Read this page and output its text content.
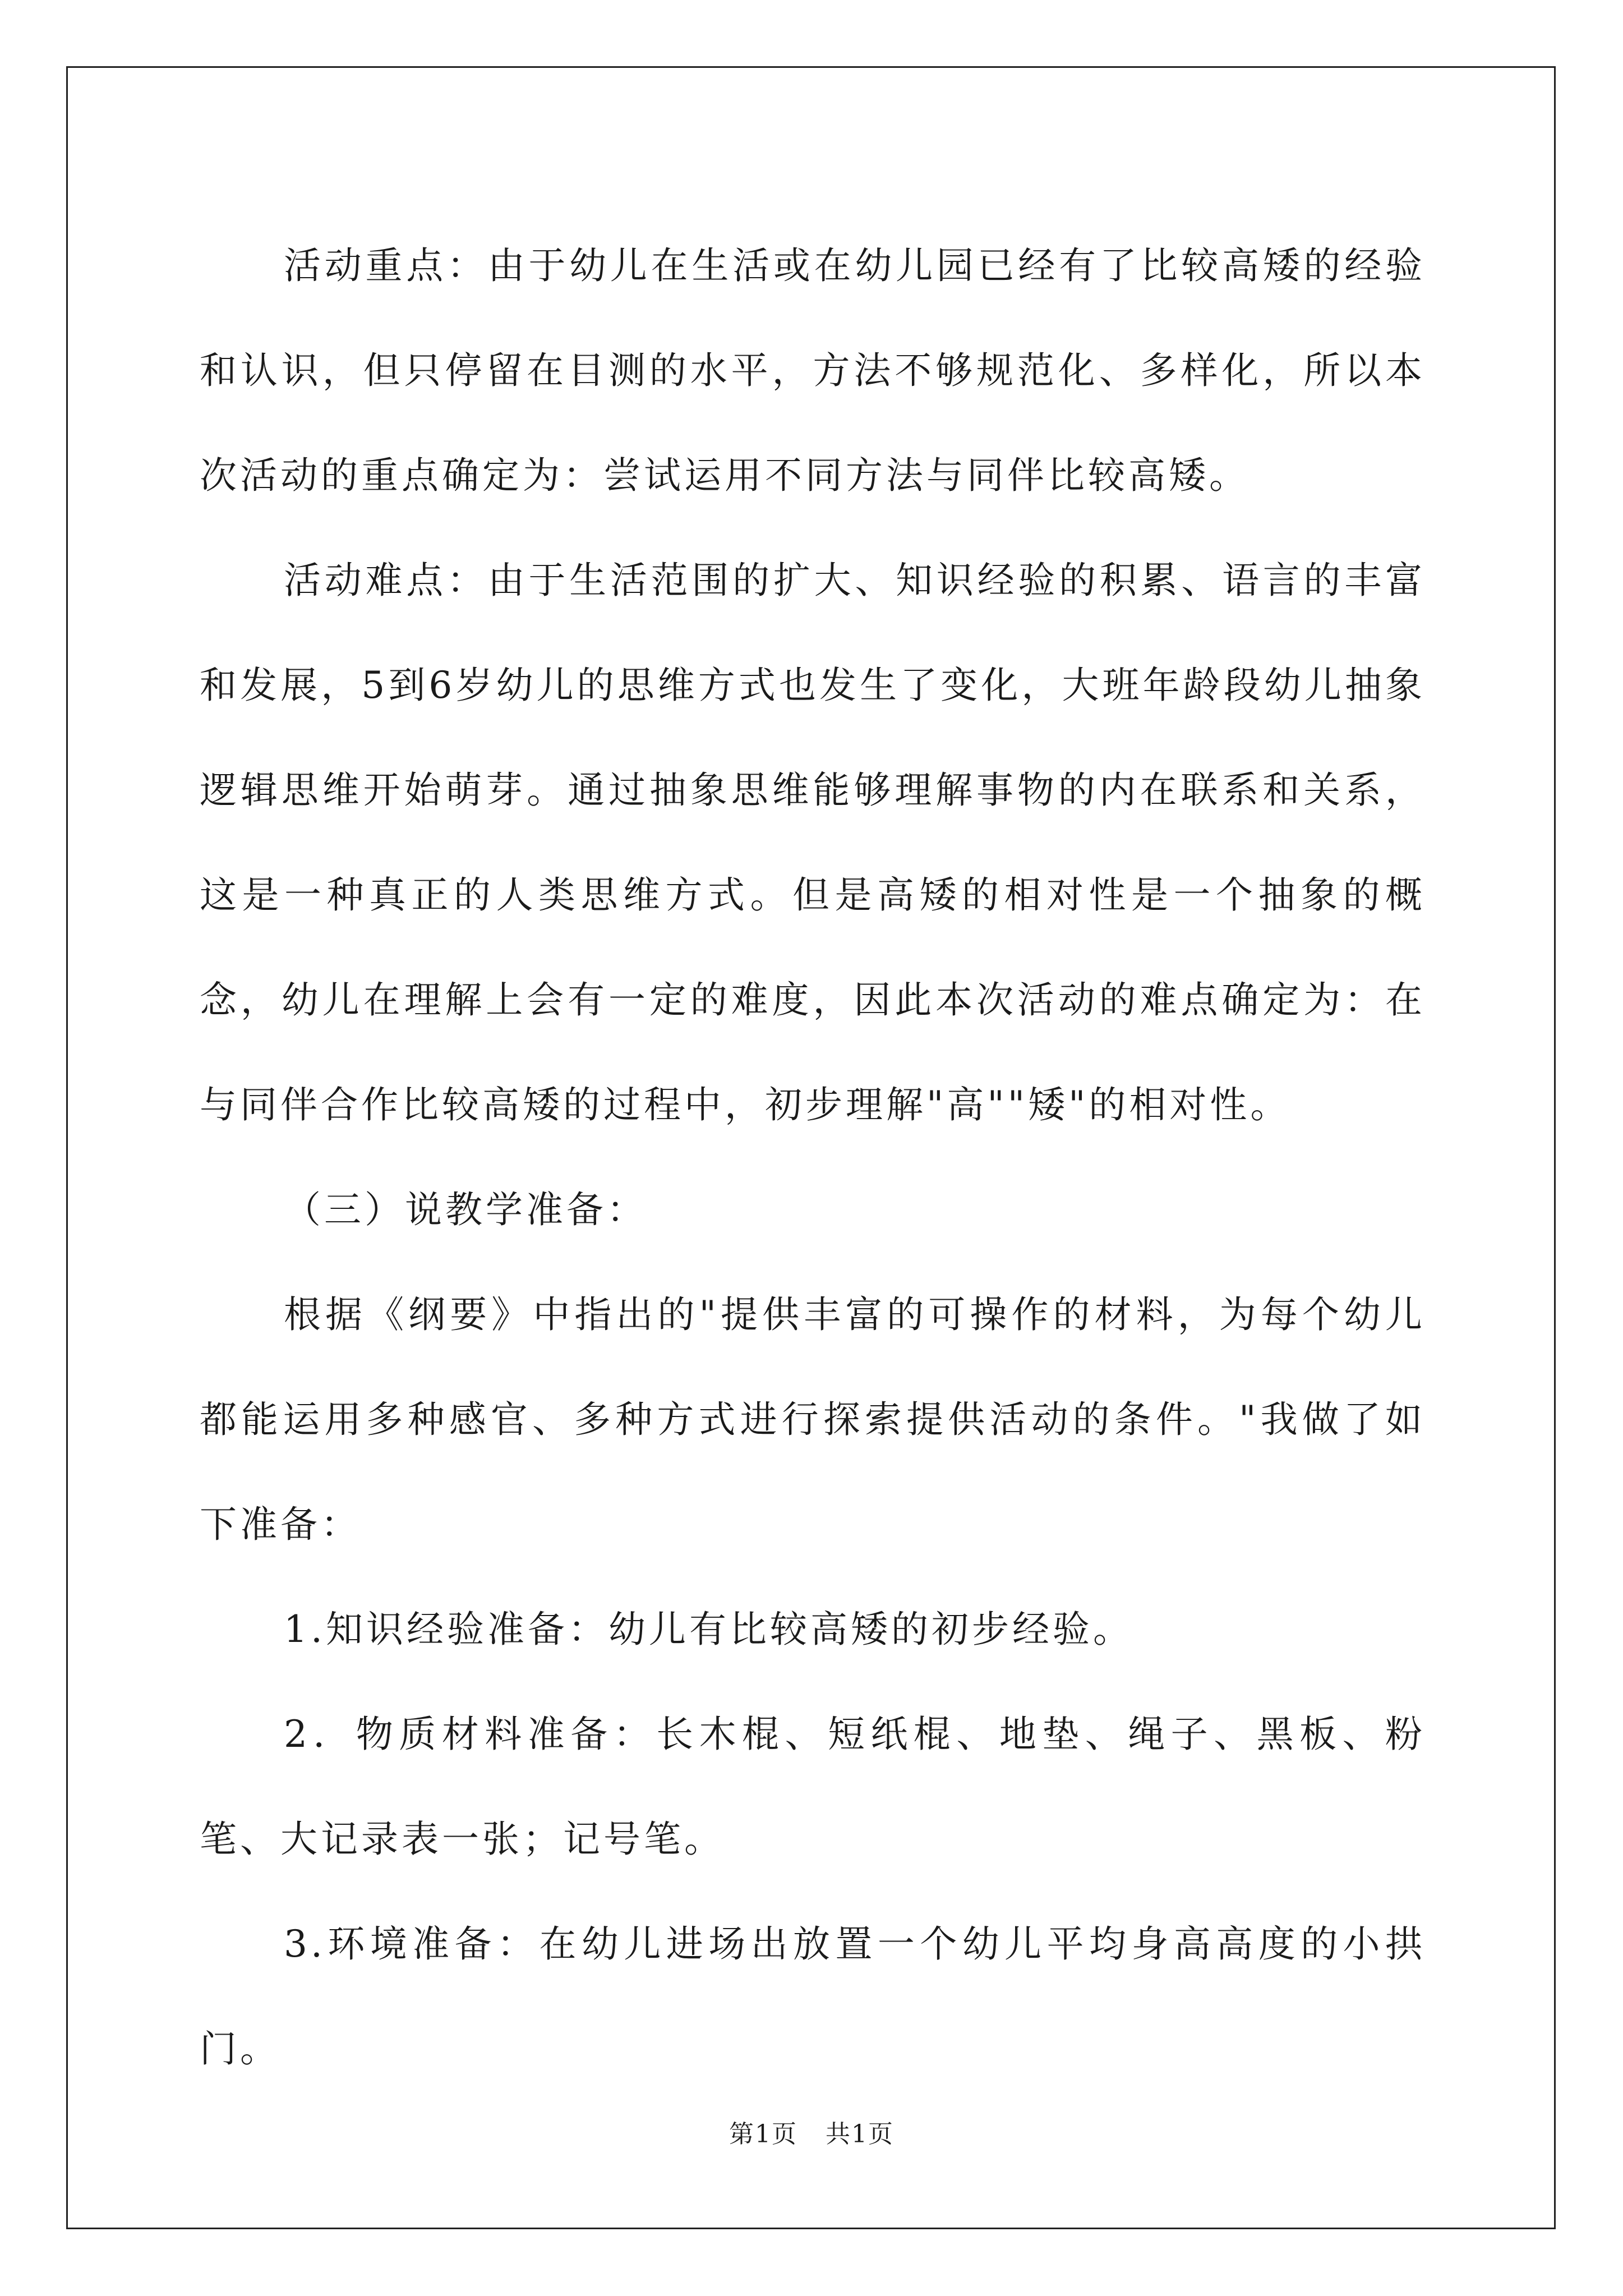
活动重点：由于幼儿在生活或在幼儿园已经有了比较高矮的经验和认识，但只停留在目测的水平，方法不够规范化、多样化，所以本次活动的重点确定为：尝试运用不同方法与同伴比较高矮。

活动难点：由于生活范围的扩大、知识经验的积累、语言的丰富和发展，5到6岁幼儿的思维方式也发生了变化，大班年龄段幼儿抽象逻辑思维开始萌芽。通过抽象思维能够理解事物的内在联系和关系，这是一种真正的人类思维方式。但是高矮的相对性是一个抽象的概念，幼儿在理解上会有一定的难度，因此本次活动的难点确定为：在与同伴合作比较高矮的过程中，初步理解"高""矮"的相对性。

（三）说教学准备：

根据《纲要》中指出的"提供丰富的可操作的材料，为每个幼儿都能运用多种感官、多种方式进行探索提供活动的条件。"我做了如下准备：

1.知识经验准备：幼儿有比较高矮的初步经验。

2．物质材料准备：长木棍、短纸棍、地垫、绳子、黑板、粉笔、大记录表一张；记号笔。

3.环境准备：在幼儿进场出放置一个幼儿平均身高高度的小拱门。

第1页 共1页
